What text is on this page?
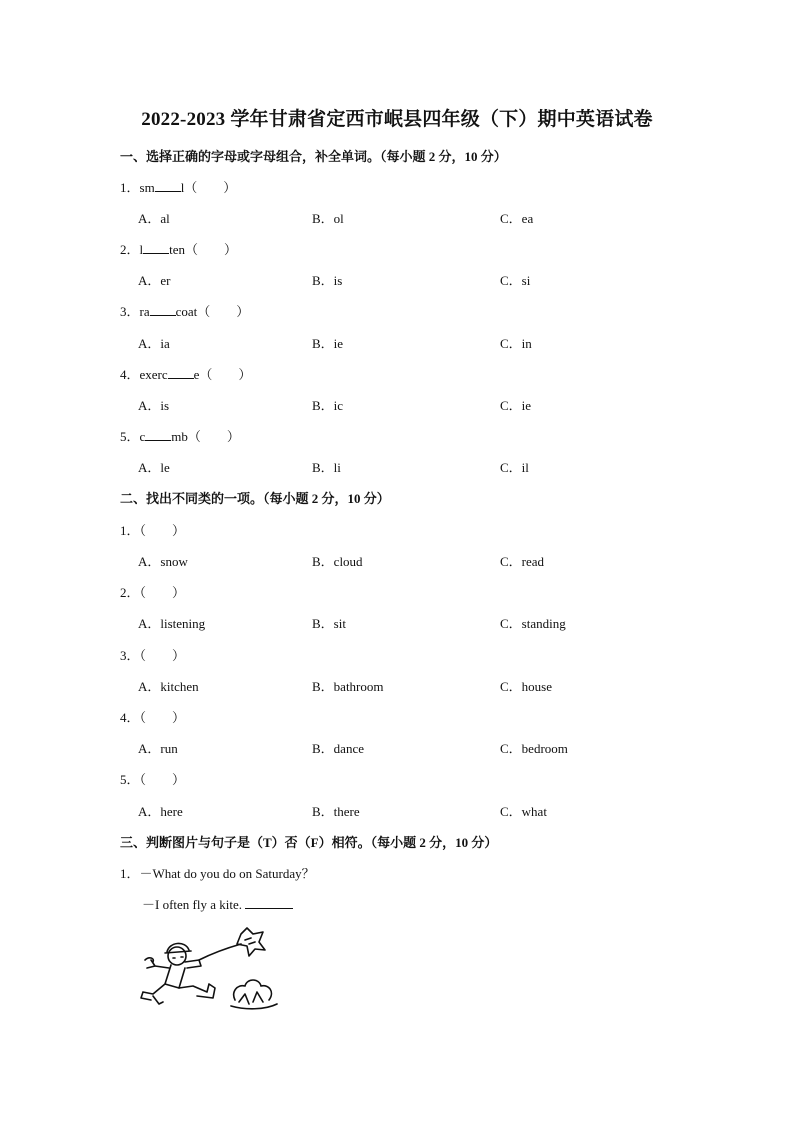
2022-2023 学年甘肃省定西市岷县四年级（下）期中英语试卷
一、选择正确的字母或字母组合，补全单词。（每小题 2 分，10 分）
1．sm l（　　）
A．al	B．ol	C．ea
2．l ten（　　）
A．er	B．is	C．si
3．ra coat（　　）
A．ia	B．ie	C．in
4．exerc e（　　）
A．is	B．ic	C．ie
5．c mb（　　）
A．le	B．li	C．il
二、找出不同类的一项。（每小题 2 分，10 分）
1．（　　）
A．snow	B．cloud	C．read
2．（　　）
A．listening	B．sit	C．standing
3．（　　）
A．kitchen	B．bathroom	C．house
4．（　　）
A．run	B．dance	C．bedroom
5．（　　）
A．here	B．there	C．what
三、判断图片与句子是（T）否（F）相符。（每小题 2 分，10 分）
1．－What do you do on Saturday？
－I often fly a kite.
